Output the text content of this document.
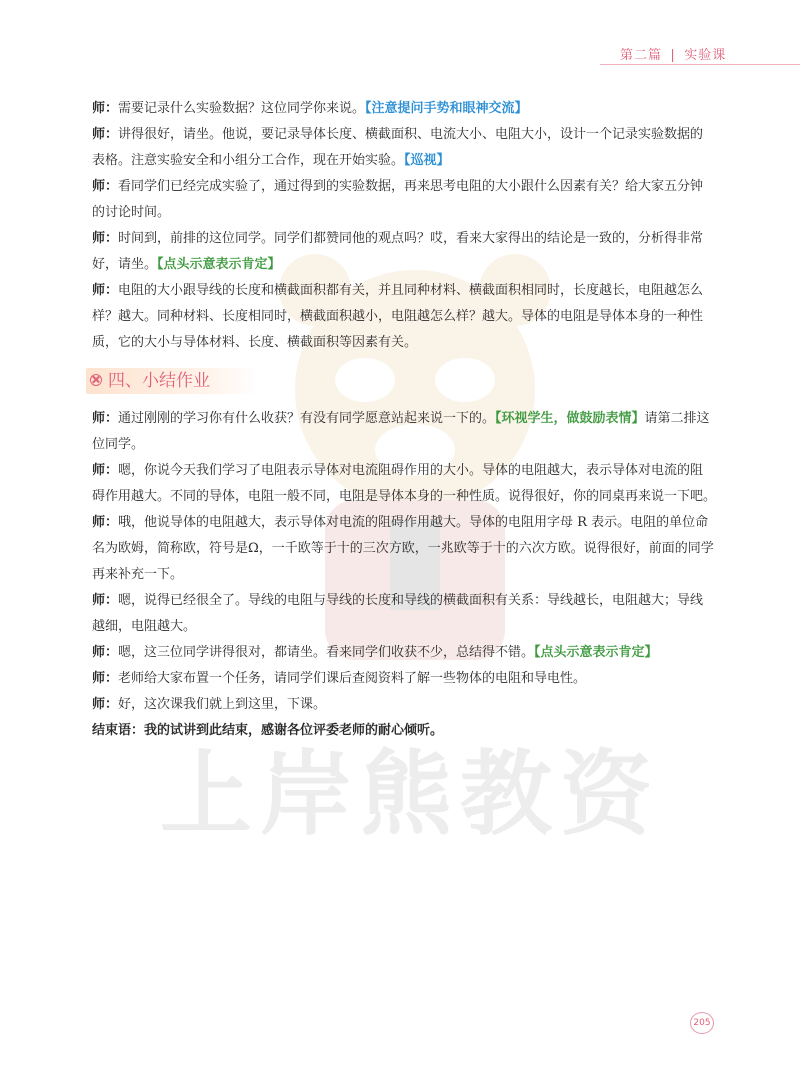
第二篇 ❘ 实验课

师：需要记录什么实验数据？这位同学你来说。【注意提问手势和眼神交流】

师：讲得很好，请坐。他说，要记录导体长度、横截面积、电流大小、电阻大小，设计一个记录实验数据的表格。注意实验安全和小组分工合作，现在开始实验。【巡视】

师：看同学们已经完成实验了，通过得到的实验数据，再来思考电阻的大小跟什么因素有关？给大家五分钟的讨论时间。

师：时间到，前排的这位同学。同学们都赞同他的观点吗？哎，看来大家得出的结论是一致的，分析得非常好，请坐。【点头示意表示肯定】

师：电阻的大小跟导线的长度和横截面积都有关，并且同种材料、横截面积相同时，长度越长，电阻越怎么样？越大。同种材料、长度相同时，横截面积越小，电阻越怎么样？越大。导体的电阻是导体本身的一种性质，它的大小与导体材料、长度、横截面积等因素有关。

四、小结作业

师：通过刚刚的学习你有什么收获？有没有同学愿意站起来说一下的。【环视学生，做鼓励表情】请第二排这位同学。

师：嗯，你说今天我们学习了电阻表示导体对电流阻碍作用的大小。导体的电阻越大，表示导体对电流的阻碍作用越大。不同的导体，电阻一般不同，电阻是导体本身的一种性质。说得很好，你的同桌再来说一下吧。

师：哦，他说导体的电阻越大，表示导体对电流的阻碍作用越大。导体的电阻用字母 R 表示。电阻的单位命名为欧姆，简称欧，符号是Ω，一千欧等于十的三次方欧，一兆欧等于十的六次方欧。说得很好，前面的同学再来补充一下。

师：嗯，说得已经很全了。导线的电阻与导线的长度和导线的横截面积有关系：导线越长，电阻越大；导线越细，电阻越大。

师：嗯，这三位同学讲得很对，都请坐。看来同学们收获不少，总结得不错。【点头示意表示肯定】

师：老师给大家布置一个任务，请同学们课后查阅资料了解一些物体的电阻和导电性。

师：好，这次课我们就上到这里，下课。

结束语：我的试讲到此结束，感谢各位评委老师的耐心倾听。

上岸熊教资
205
